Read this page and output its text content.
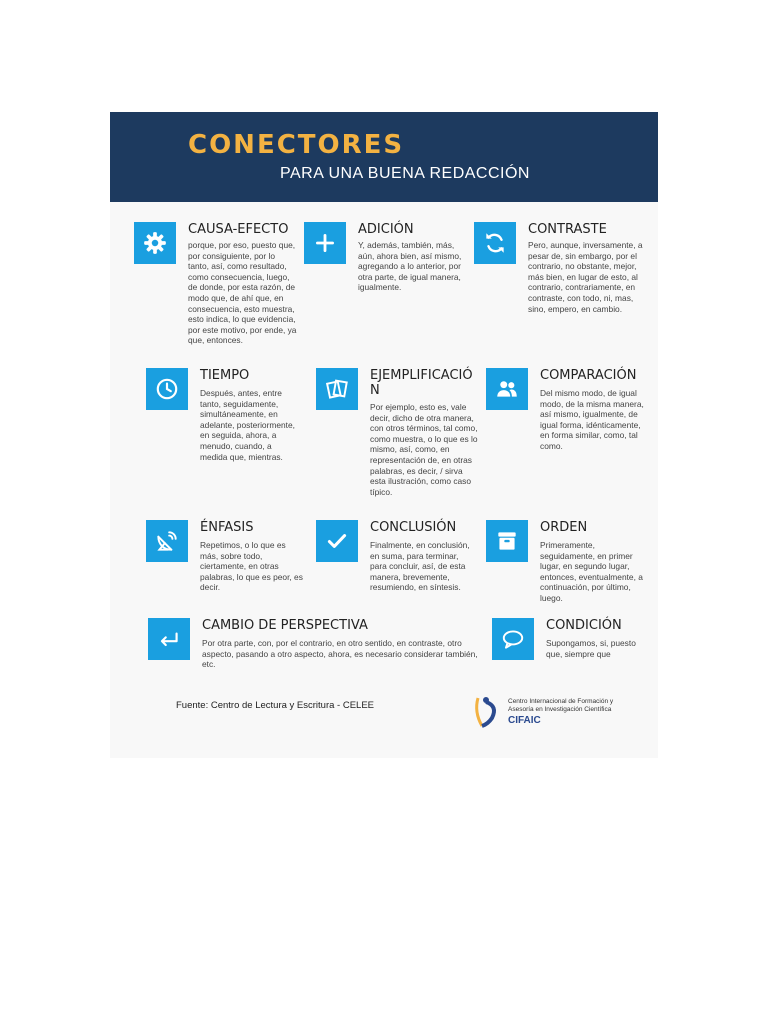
CONECTORES
PARA UNA BUENA REDACCIÓN
CAUSA-EFECTO
porque, por eso, puesto que, por consiguiente, por lo tanto, así, como resultado, como consecuencia, luego, de donde, por esta razón, de modo que, de ahí que, en consecuencia, esto muestra, esto indica, lo que evidencia, por este motivo, por ende, ya que, entonces.
ADICIÓN
Y, además, también, más, aún, ahora bien, así mismo, agregando a lo anterior, por otra parte, de igual manera, igualmente.
CONTRASTE
Pero, aunque, inversamente, a pesar de, sin embargo, por el contrario, no obstante, mejor, más bien, en lugar de esto, al contrario, contrariamente, en contraste, con todo, ni, mas, sino, empero, en cambio.
TIEMPO
Después, antes, entre tanto, seguidamente, simultáneamente, en adelante, posteriormente, en seguida, ahora, a menudo, cuando, a medida que, mientras.
EJEMPLIFICACIÓ N
Por ejemplo, esto es, vale decir, dicho de otra manera, con otros términos, tal como, como muestra, o lo que es lo mismo, así, como, en representación de, en otras palabras, es decir, / sirva esta ilustración, como caso típico.
COMPARACIÓN
Del mismo modo, de igual modo, de la misma manera, así mismo, igualmente, de igual forma, idénticamente, en forma similar, como, tal como.
ÉNFASIS
Repetimos, o lo que es más, sobre todo, ciertamente, en otras palabras, lo que es peor, es decir.
CONCLUSIÓN
Finalmente, en conclusión, en suma, para terminar, para concluir, así, de esta manera, brevemente, resumiendo, en síntesis.
ORDEN
Primeramente, seguidamente, en primer lugar, en segundo lugar, entonces, eventualmente, a continuación, por último, luego.
CAMBIO DE PERSPECTIVA
Por otra parte, con, por el contrario, en otro sentido, en contraste, otro aspecto, pasando a otro aspecto, ahora, es necesario considerar también, etc.
CONDICIÓN
Supongamos, si, puesto que, siempre que
Fuente: Centro de Lectura y Escritura - CELEE	Centro Internacional de Formación y
Asesoría en Investigación Científica
CIFAIC
